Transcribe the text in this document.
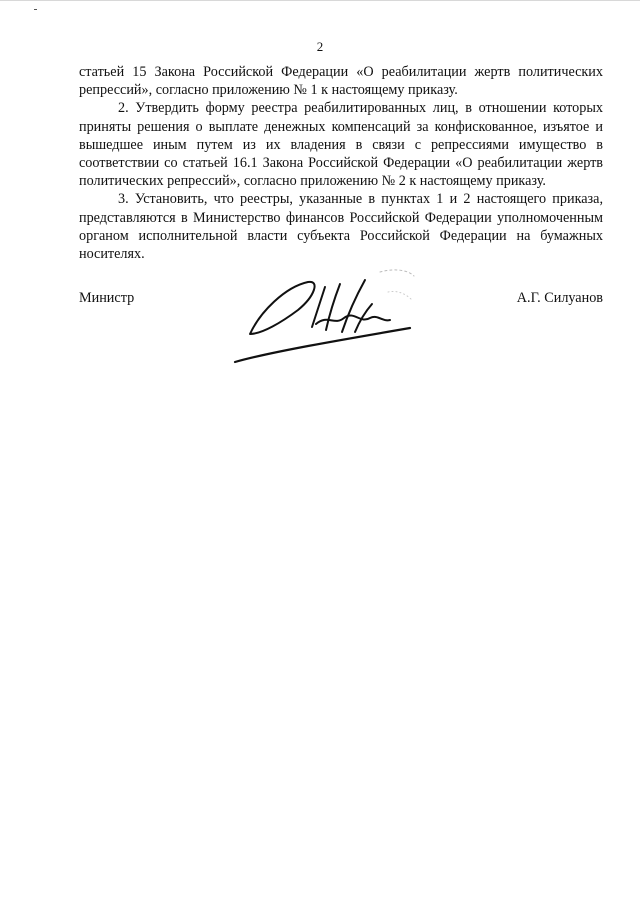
2

статьей 15 Закона Российской Федерации «О реабилитации жертв политических репрессий», согласно приложению № 1 к настоящему приказу.

2. Утвердить форму реестра реабилитированных лиц, в отношении которых приняты решения о выплате денежных компенсаций за конфискованное, изъятое и вышедшее иным путем из их владения в связи с репрессиями имущество в соответствии со статьей 16.1 Закона Российской Федерации «О реабилитации жертв политических репрессий», согласно приложению № 2 к настоящему приказу.

3. Установить, что реестры, указанные в пунктах 1 и 2 настоящего приказа, представляются в Министерство финансов Российской Федерации уполномоченным органом исполнительной власти субъекта Российской Федерации на бумажных носителях.

Министр	А.Г. Силуанов
